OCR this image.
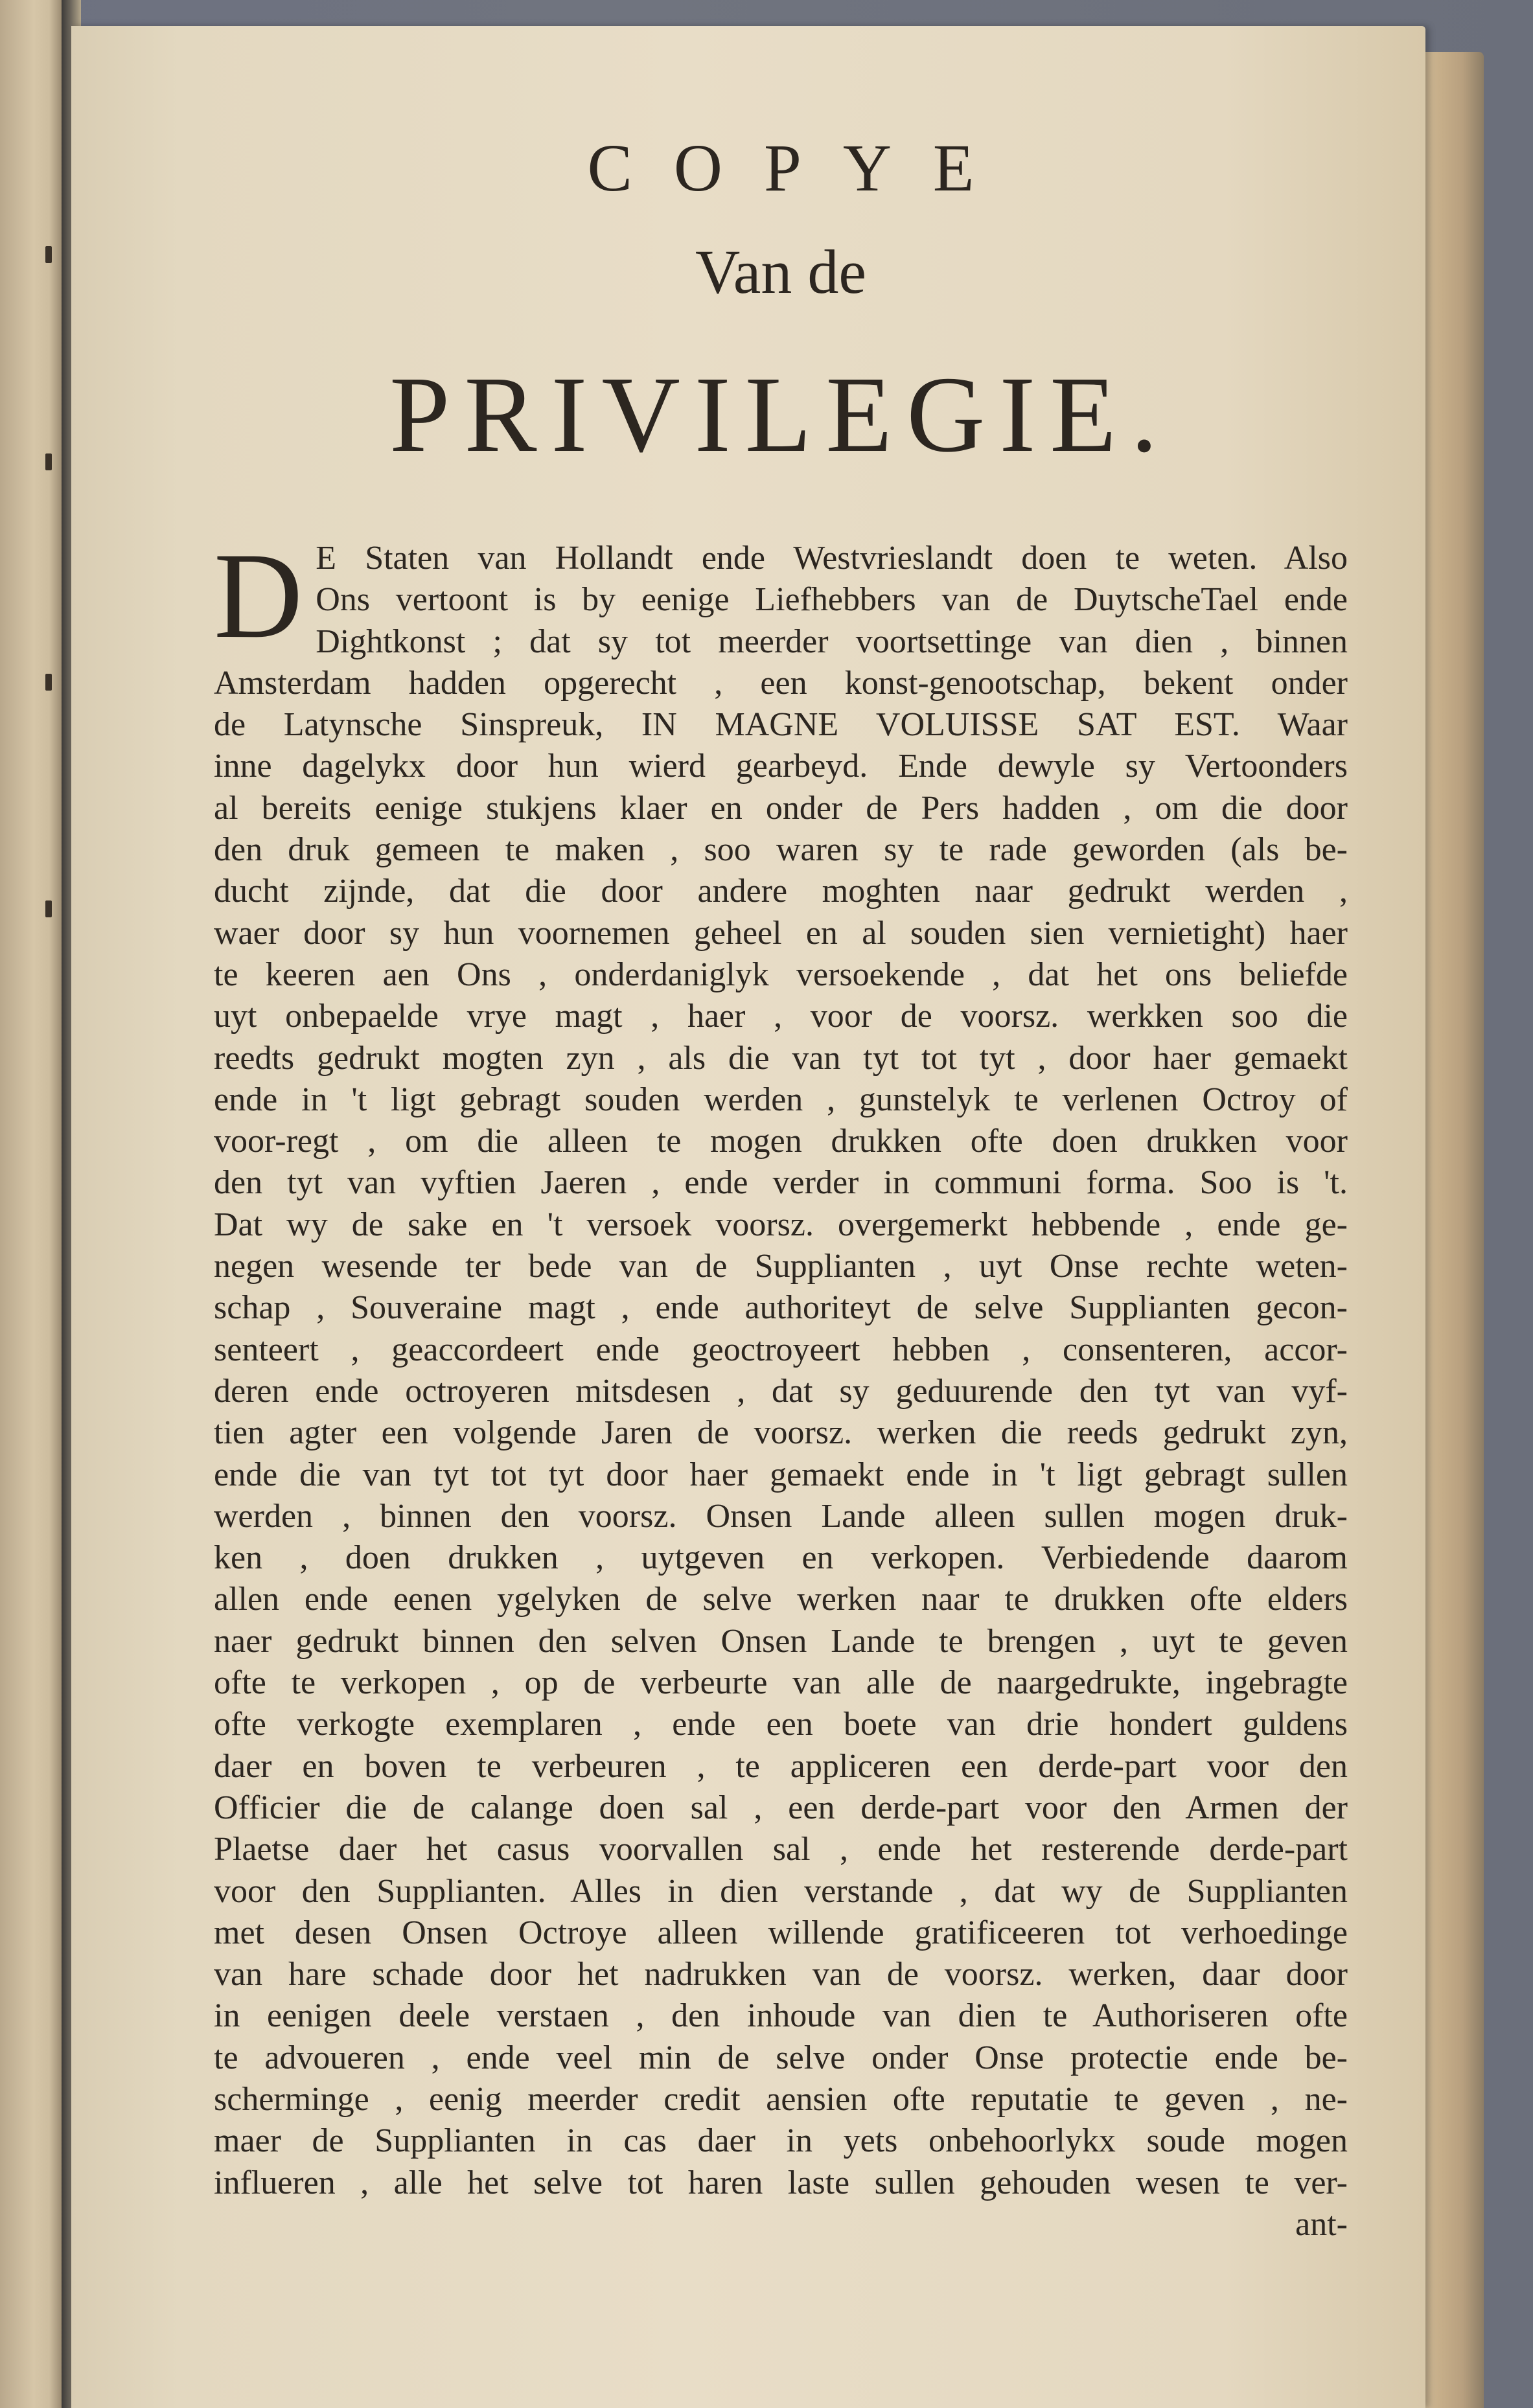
COPYE
Van de
PRIVILEGIE.
D E Staten van Hollandt ende Westvrieslandt doen te weten. Also
Ons vertoont is by eenige Liefhebbers van de DuytscheTael ende
Dightkonst ; dat sy tot meerder voortsettinge van dien , binnen
Amsterdam hadden opgerecht , een konst-genootschap, bekent onder
de Latynsche Sinspreuk, IN MAGNE VOLUISSE SAT EST. Waar
inne dagelykx door hun wierd gearbeyd. Ende dewyle sy Vertoonders
al bereits eenige stukjens klaer en onder de Pers hadden , om die door
den druk gemeen te maken , soo waren sy te rade geworden (als be-
ducht zijnde, dat die door andere moghten naar gedrukt werden ,
waer door sy hun voornemen geheel en al souden sien vernietight) haer
te keeren aen Ons , onderdaniglyk versoekende , dat het ons beliefde
uyt onbepaelde vrye magt , haer , voor de voorsz. werkken soo die
reedts gedrukt mogten zyn , als die van tyt tot tyt , door haer gemaekt
ende in 't ligt gebragt souden werden , gunstelyk te verlenen Octroy of
voor-regt , om die alleen te mogen drukken ofte doen drukken voor
den tyt van vyftien Jaeren , ende verder in communi forma. Soo is 't.
Dat wy de sake en 't versoek voorsz. overgemerkt hebbende , ende ge-
negen wesende ter bede van de Supplianten , uyt Onse rechte weten-
schap , Souveraine magt , ende authoriteyt de selve Supplianten gecon-
senteert , geaccordeert ende geoctroyeert hebben , consenteren, accor-
deren ende octroyeren mitsdesen , dat sy geduurende den tyt van vyf-
tien agter een volgende Jaren de voorsz. werken die reeds gedrukt zyn,
ende die van tyt tot tyt door haer gemaekt ende in 't ligt gebragt sullen
werden , binnen den voorsz. Onsen Lande alleen sullen mogen druk-
ken , doen drukken , uytgeven en verkopen. Verbiedende daarom
allen ende eenen ygelyken de selve werken naar te drukken ofte elders
naer gedrukt binnen den selven Onsen Lande te brengen , uyt te geven
ofte te verkopen , op de verbeurte van alle de naargedrukte, ingebragte
ofte verkogte exemplaren , ende een boete van drie hondert guldens
daer en boven te verbeuren , te appliceren een derde-part voor den
Officier die de calange doen sal , een derde-part voor den Armen der
Plaetse daer het casus voorvallen sal , ende het resterende derde-part
voor den Supplianten. Alles in dien verstande , dat wy de Supplianten
met desen Onsen Octroye alleen willende gratificeeren tot verhoedinge
van hare schade door het nadrukken van de voorsz. werken, daar door
in eenigen deele verstaen , den inhoude van dien te Authoriseren ofte
te advoueren , ende veel min de selve onder Onse protectie ende be-
scherminge , eenig meerder credit aensien ofte reputatie te geven , ne-
maer de Supplianten in cas daer in yets onbehoorlykx soude mogen
influeren , alle het selve tot haren laste sullen gehouden wesen te ver-
ant-
